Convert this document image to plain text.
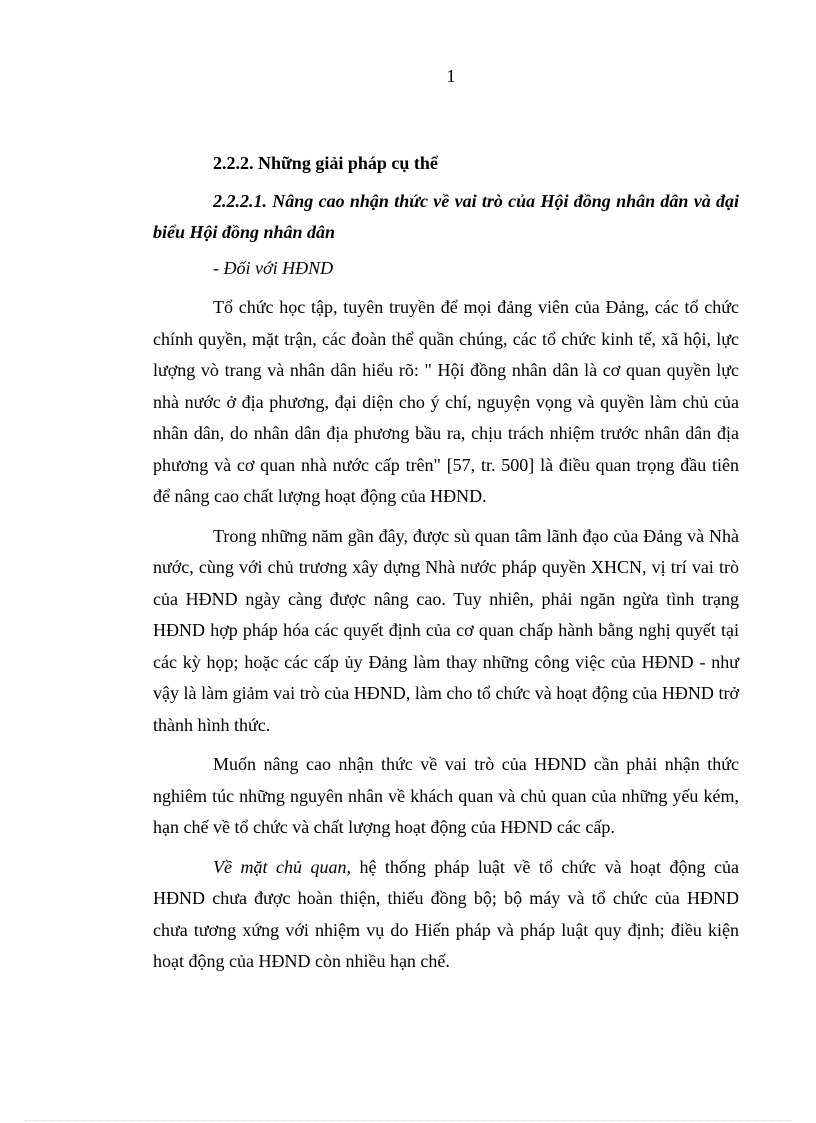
1

2.2.2. Những giải pháp cụ thể

2.2.2.1. Nâng cao nhận thức về vai trò của Hội đồng nhân dân và đại biểu Hội đồng nhân dân

- Đối với HĐND

Tổ chức học tập, tuyên truyền để mọi đảng viên của Đảng, các tổ chức chính quyền, mặt trận, các đoàn thể quần chúng, các tổ chức kinh tế, xã hội, lực lượng vò trang và nhân dân hiểu rõ: " Hội đồng nhân dân là cơ quan quyền lực nhà nước ở địa phương, đại diện cho ý chí, nguyện vọng và quyền làm chủ của nhân dân, do nhân dân địa phương bầu ra, chịu trách nhiệm trước nhân dân địa phương và cơ quan nhà nước cấp trên" [57, tr. 500] là điều quan trọng đầu tiên để nâng cao chất lượng hoạt động của HĐND.

Trong những năm gần đây, được sù quan tâm lãnh đạo của Đảng và Nhà nước, cùng với chủ trương xây dựng Nhà nước pháp quyền XHCN, vị trí vai trò của HĐND ngày càng được nâng cao. Tuy nhiên, phải ngăn ngừa tình trạng HĐND hợp pháp hóa các quyết định của cơ quan chấp hành bằng nghị quyết tại các kỳ họp; hoặc các cấp ủy Đảng làm thay những công việc của HĐND - như vậy là làm giảm vai trò của HĐND, làm cho tổ chức và hoạt động của HĐND trở thành hình thức.

Muốn nâng cao nhận thức về vai trò của HĐND cần phải nhận thức nghiêm túc những nguyên nhân về khách quan và chủ quan của những yếu kém, hạn chế về tổ chức và chất lượng hoạt động của HĐND các cấp.

Về mặt chủ quan, hệ thống pháp luật về tổ chức và hoạt động của HĐND chưa được hoàn thiện, thiếu đồng bộ; bộ máy và tổ chức của HĐND chưa tương xứng với nhiệm vụ do Hiến pháp và pháp luật quy định; điều kiện hoạt động của HĐND còn nhiều hạn chế.
